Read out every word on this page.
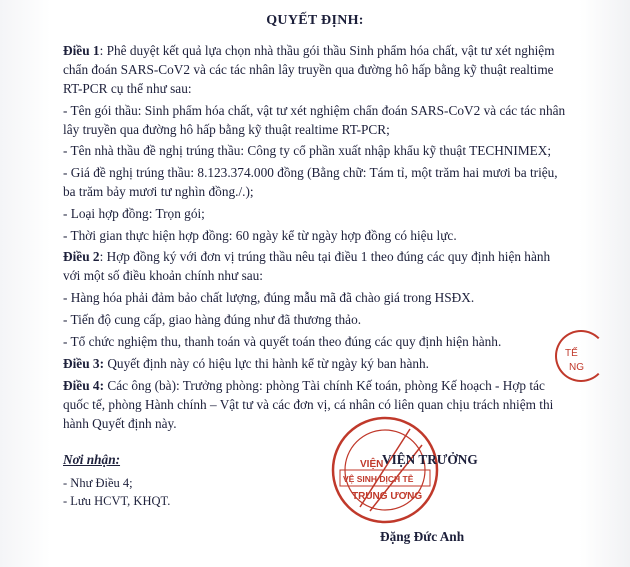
QUYẾT ĐỊNH:
Điều 1: Phê duyệt kết quả lựa chọn nhà thầu gói thầu Sinh phẩm hóa chất, vật tư xét nghiệm
chẩn đoán SARS-CoV2 và các tác nhân lây truyền qua đường hô hấp bằng kỹ thuật realtime
RT-PCR cụ thể như sau:
- Tên gói thầu: Sinh phẩm hóa chất, vật tư xét nghiệm chẩn đoán SARS-CoV2 và các tác nhân
lây truyền qua đường hô hấp bằng kỹ thuật realtime RT-PCR;
- Tên nhà thầu đề nghị trúng thầu: Công ty cổ phần xuất nhập khẩu kỹ thuật TECHNIMEX;
- Giá đề nghị trúng thầu: 8.123.374.000 đồng (Bằng chữ: Tám tỉ, một trăm hai mươi ba triệu,
ba trăm bảy mươi tư nghìn đồng./.);
- Loại hợp đồng: Trọn gói;
- Thời gian thực hiện hợp đồng: 60 ngày kể từ ngày hợp đồng có hiệu lực.
Điều 2: Hợp đồng ký với đơn vị trúng thầu nêu tại điều 1 theo đúng các quy định hiện hành
với một số điều khoản chính như sau:
- Hàng hóa phải đảm bảo chất lượng, đúng mẫu mã đã chào giá trong HSĐX.
- Tiến độ cung cấp, giao hàng đúng như đã thương thảo.
- Tổ chức nghiệm thu, thanh toán và quyết toán theo đúng các quy định hiện hành.
Điều 3: Quyết định này có hiệu lực thi hành kể từ ngày ký ban hành.
Điều 4: Các ông (bà): Trưởng phòng: phòng Tài chính Kế toán, phòng Kế hoạch - Hợp tác
quốc tế, phòng Hành chính – Vật tư và các đơn vị, cá nhân có liên quan chịu trách nhiệm thi
hành Quyết định này.
Nơi nhận:
- Như Điều 4;
- Lưu HCVT, KHQT.
TẾ
NG
VIỆN
VỆ SINH DỊCH TỄ
TRUNG ƯƠNG
VIỆN TRƯỞNG
Đặng Đức Anh
